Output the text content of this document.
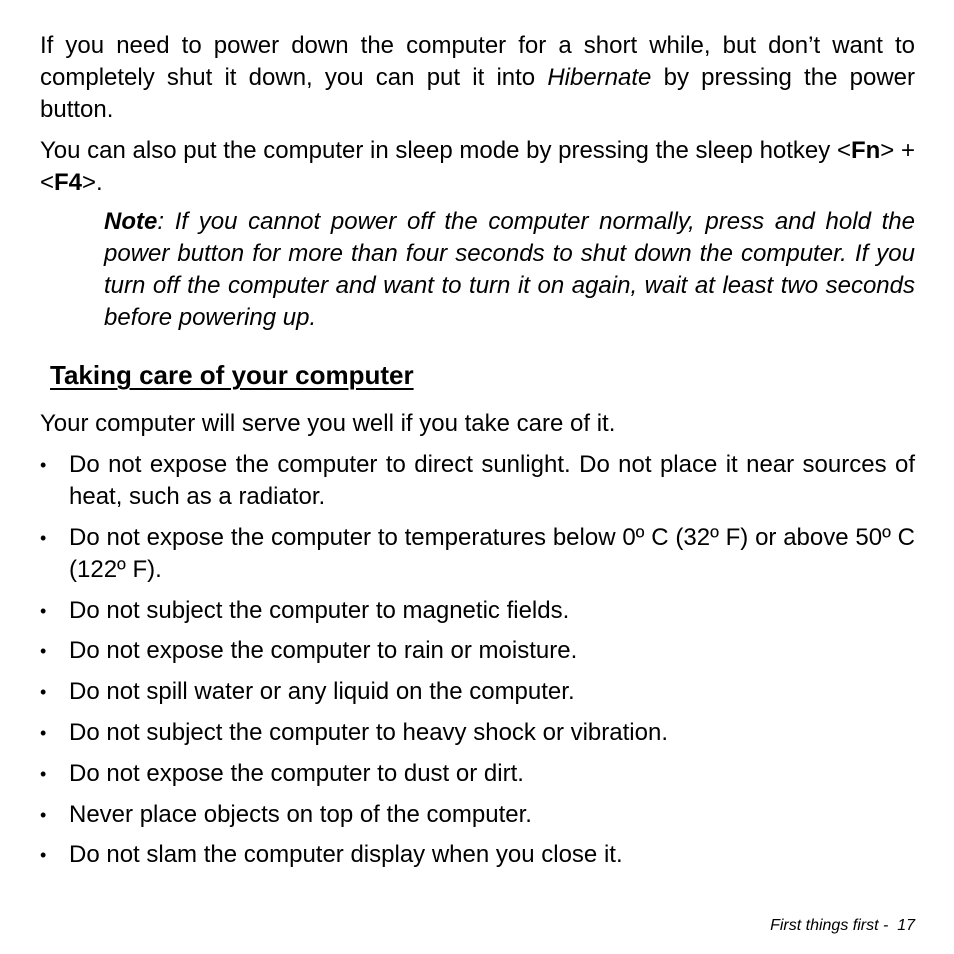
If you need to power down the computer for a short while, but don’t want to completely shut it down, you can put it into Hibernate by pressing the power button.

You can also put the computer in sleep mode by pressing the sleep hotkey <Fn> + <F4>.

Note: If you cannot power off the computer normally, press and hold the power button for more than four seconds to shut down the computer. If you turn off the computer and want to turn it on again, wait at least two seconds before powering up.

Taking care of your computer

Your computer will serve you well if you take care of it.

• Do not expose the computer to direct sunlight. Do not place it near sources of heat, such as a radiator.
• Do not expose the computer to temperatures below 0º C (32º F) or above 50º C (122º F).
• Do not subject the computer to magnetic fields.
• Do not expose the computer to rain or moisture.
• Do not spill water or any liquid on the computer.
• Do not subject the computer to heavy shock or vibration.
• Do not expose the computer to dust or dirt.
• Never place objects on top of the computer.
• Do not slam the computer display when you close it.
First things first -  17
